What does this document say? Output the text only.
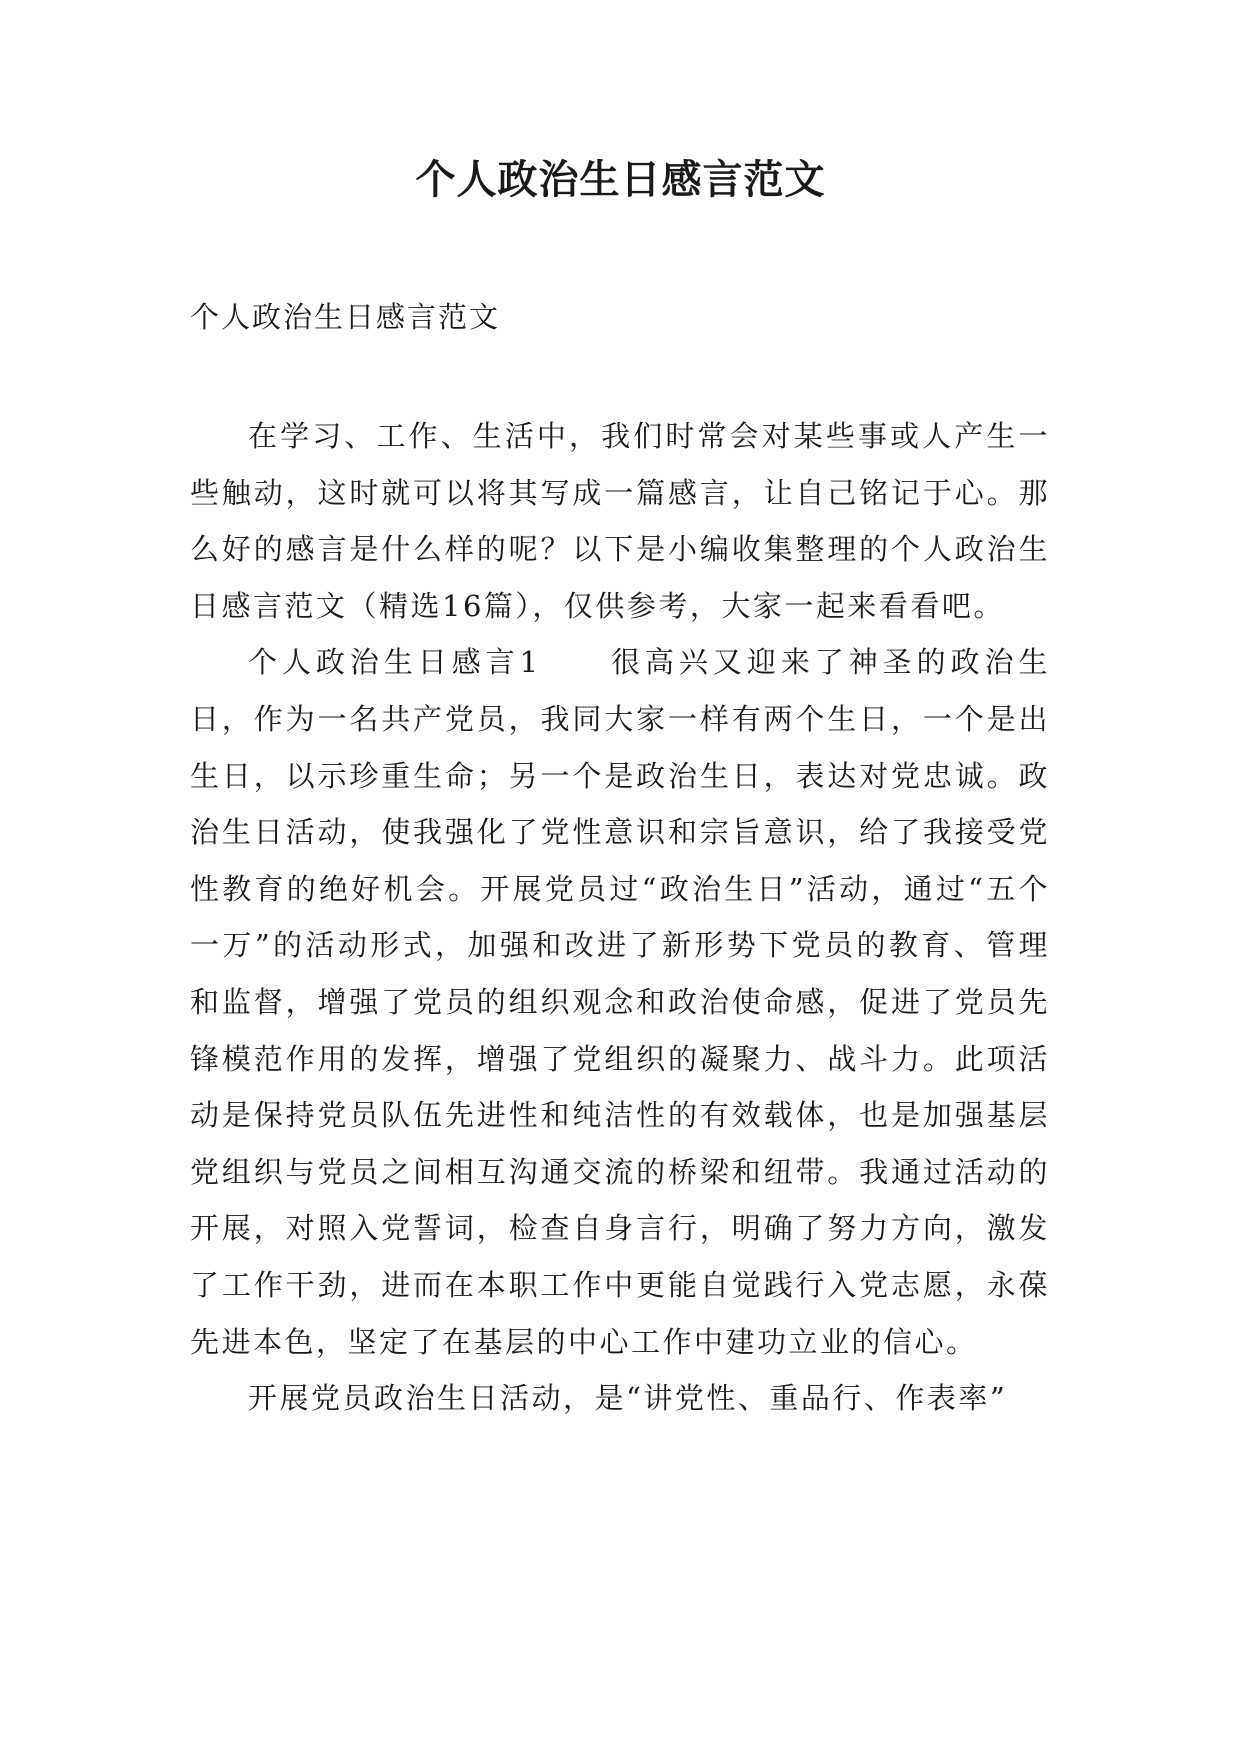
个人政治生日感言范文

个人政治生日感言范文

在学习、工作、生活中，我们时常会对某些事或人产生一些触动，这时就可以将其写成一篇感言，让自己铭记于心。那么好的感言是什么样的呢？以下是小编收集整理的个人政治生日感言范文（精选16篇），仅供参考，大家一起来看看吧。

个人政治生日感言1 很高兴又迎来了神圣的政治生日，作为一名共产党员，我同大家一样有两个生日，一个是出生日，以示珍重生命；另一个是政治生日，表达对党忠诚。政治生日活动，使我强化了党性意识和宗旨意识，给了我接受党性教育的绝好机会。开展党员过“政治生日”活动，通过“五个一万”的活动形式，加强和改进了新形势下党员的教育、管理和监督，增强了党员的组织观念和政治使命感，促进了党员先锋模范作用的发挥，增强了党组织的凝聚力、战斗力。此项活动是保持党员队伍先进性和纯洁性的有效载体，也是加强基层党组织与党员之间相互沟通交流的桥梁和纽带。我通过活动的开展，对照入党誓词，检查自身言行，明确了努力方向，激发了工作干劲，进而在本职工作中更能自觉践行入党志愿，永葆先进本色，坚定了在基层的中心工作中建功立业的信心。

开展党员政治生日活动，是“讲党性、重品行、作表率”
